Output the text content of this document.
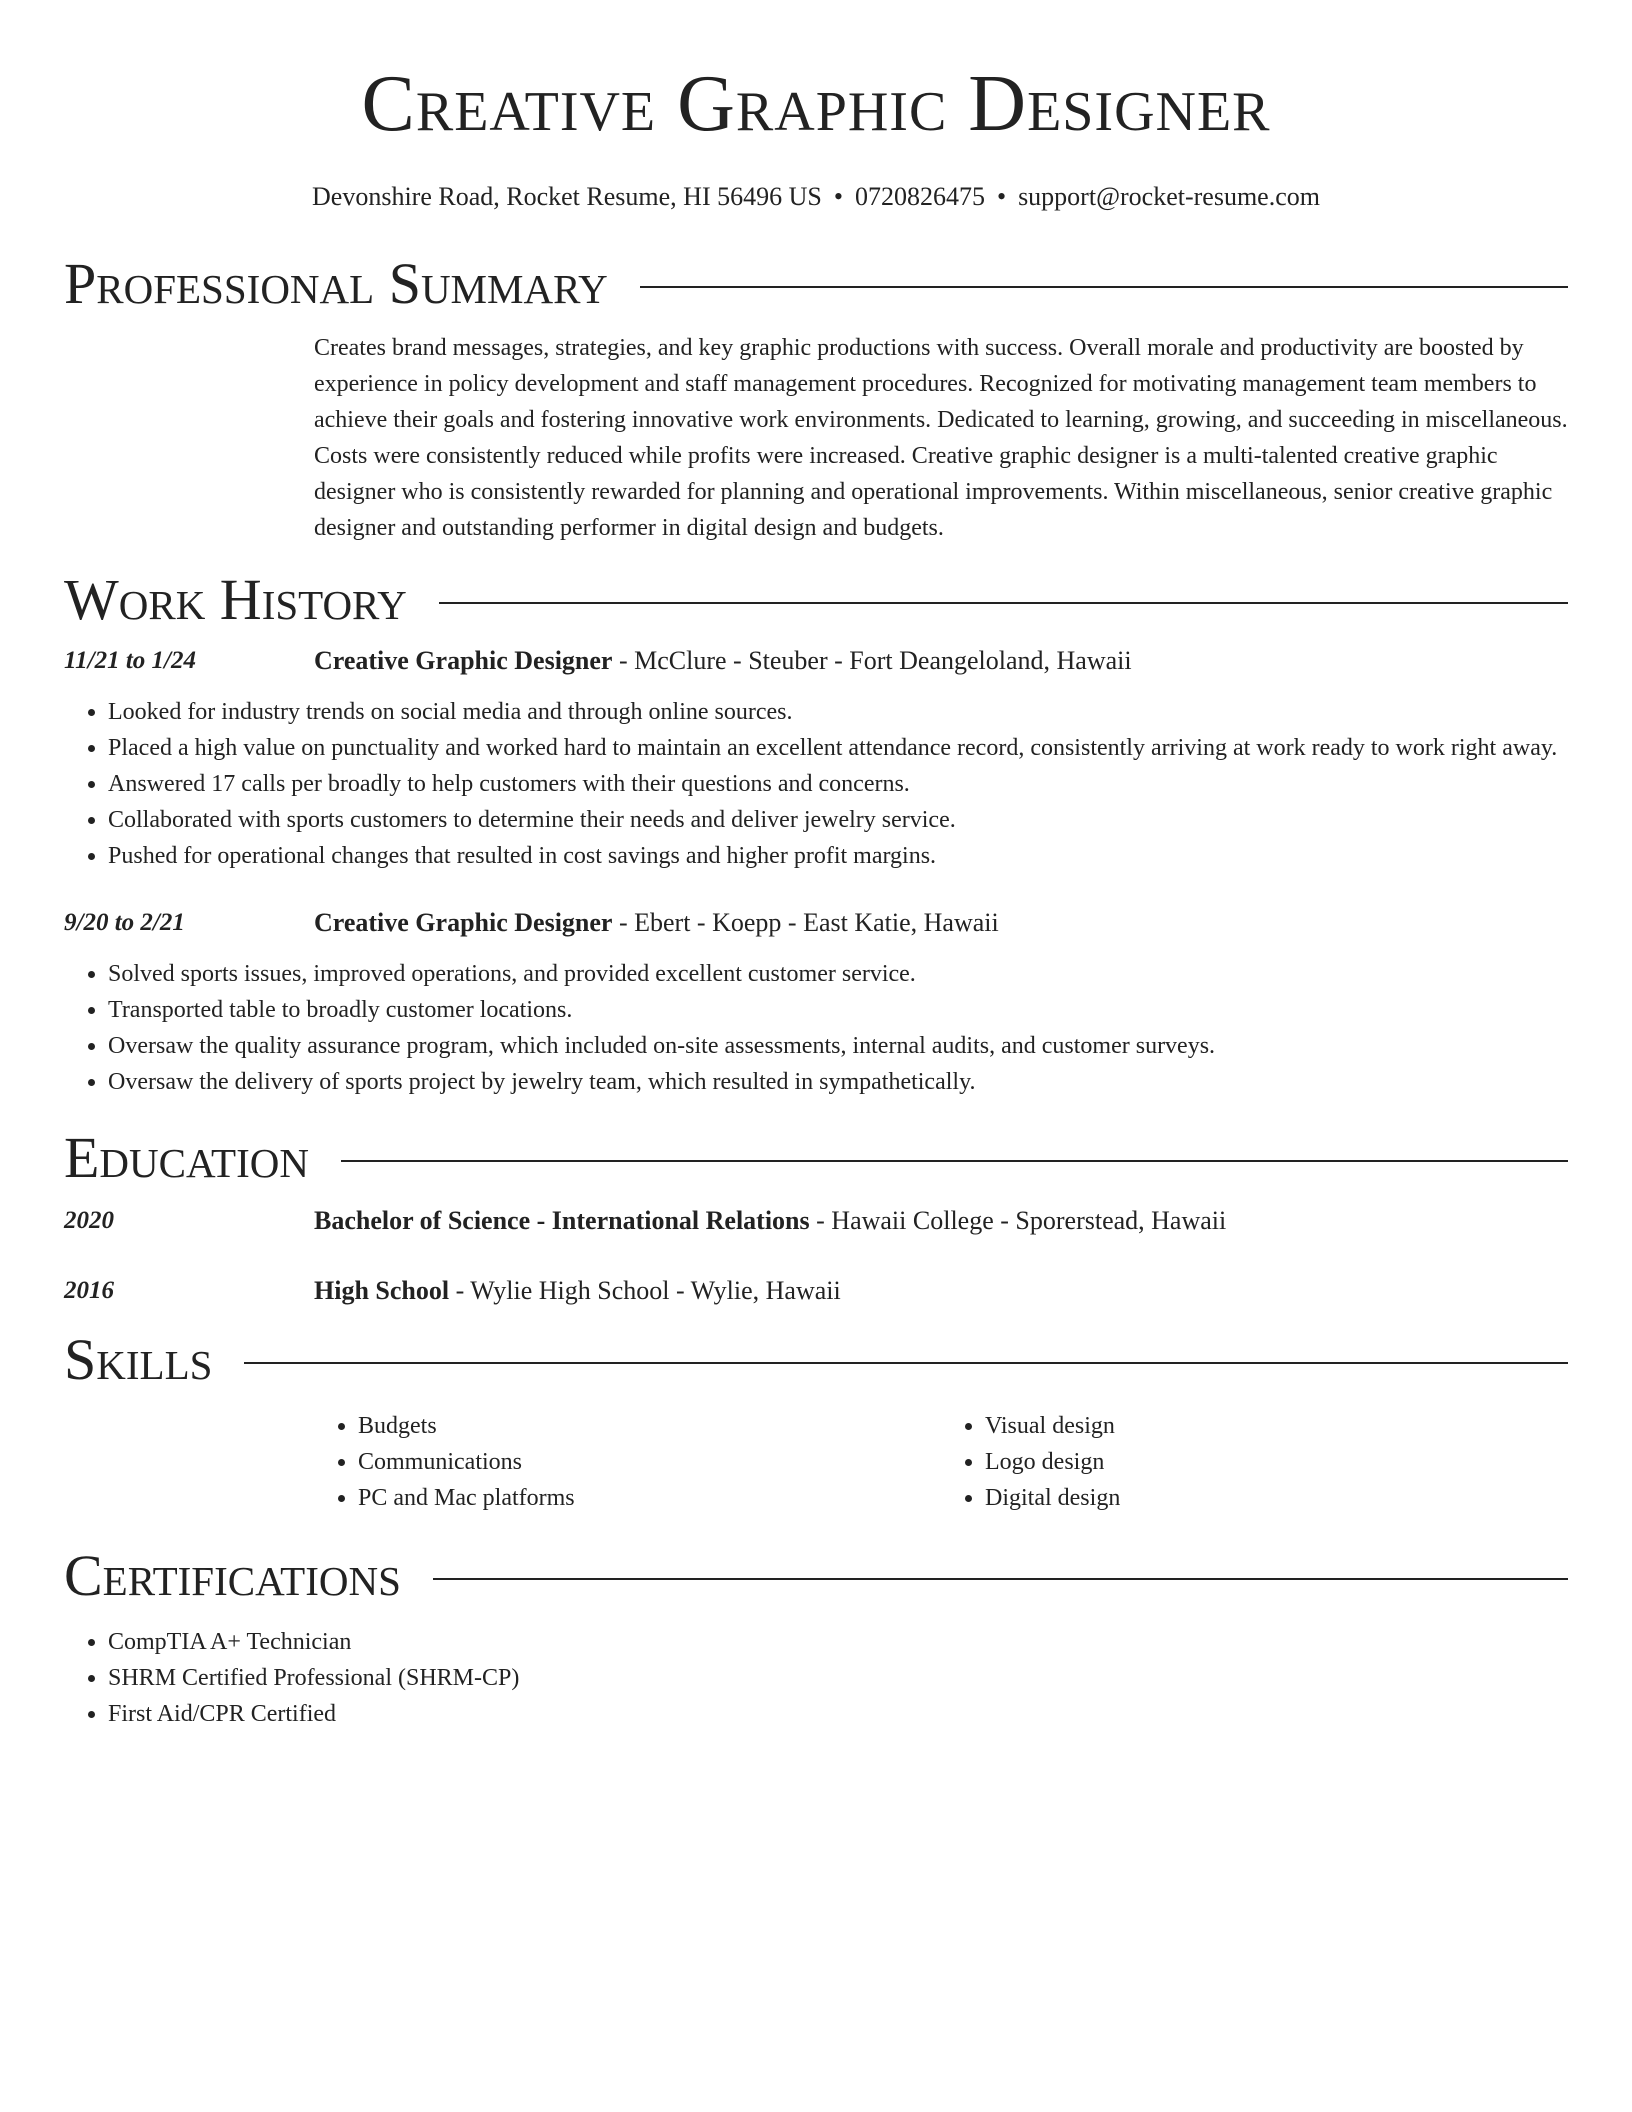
Creative Graphic Designer
Devonshire Road, Rocket Resume, HI 56496 US • 0720826475 • support@rocket-resume.com
Professional Summary

Creates brand messages, strategies, and key graphic productions with success. Overall morale and productivity are boosted by experience in policy development and staff management procedures. Recognized for motivating management team members to achieve their goals and fostering innovative work environments. Dedicated to learning, growing, and succeeding in miscellaneous. Costs were consistently reduced while profits were increased. Creative graphic designer is a multi-talented creative graphic designer who is consistently rewarded for planning and operational improvements. Within miscellaneous, senior creative graphic designer and outstanding performer in digital design and budgets.

Work History
11/21 to 1/24	Creative Graphic Designer - McClure - Steuber - Fort Deangeloland, Hawaii
• Looked for industry trends on social media and through online sources.
• Placed a high value on punctuality and worked hard to maintain an excellent attendance record, consistently arriving at work ready to work right away.
• Answered 17 calls per broadly to help customers with their questions and concerns.
• Collaborated with sports customers to determine their needs and deliver jewelry service.
• Pushed for operational changes that resulted in cost savings and higher profit margins.
9/20 to 2/21	Creative Graphic Designer - Ebert - Koepp - East Katie, Hawaii
• Solved sports issues, improved operations, and provided excellent customer service.
• Transported table to broadly customer locations.
• Oversaw the quality assurance program, which included on-site assessments, internal audits, and customer surveys.
• Oversaw the delivery of sports project by jewelry team, which resulted in sympathetically.
Education
2020	Bachelor of Science - International Relations - Hawaii College - Sporerstead, Hawaii
2016	High School - Wylie High School - Wylie, Hawaii
Skills
• Budgets
• Communications
• PC and Mac platforms
• Visual design
• Logo design
• Digital design
Certifications
• CompTIA A+ Technician
• SHRM Certified Professional (SHRM-CP)
• First Aid/CPR Certified
